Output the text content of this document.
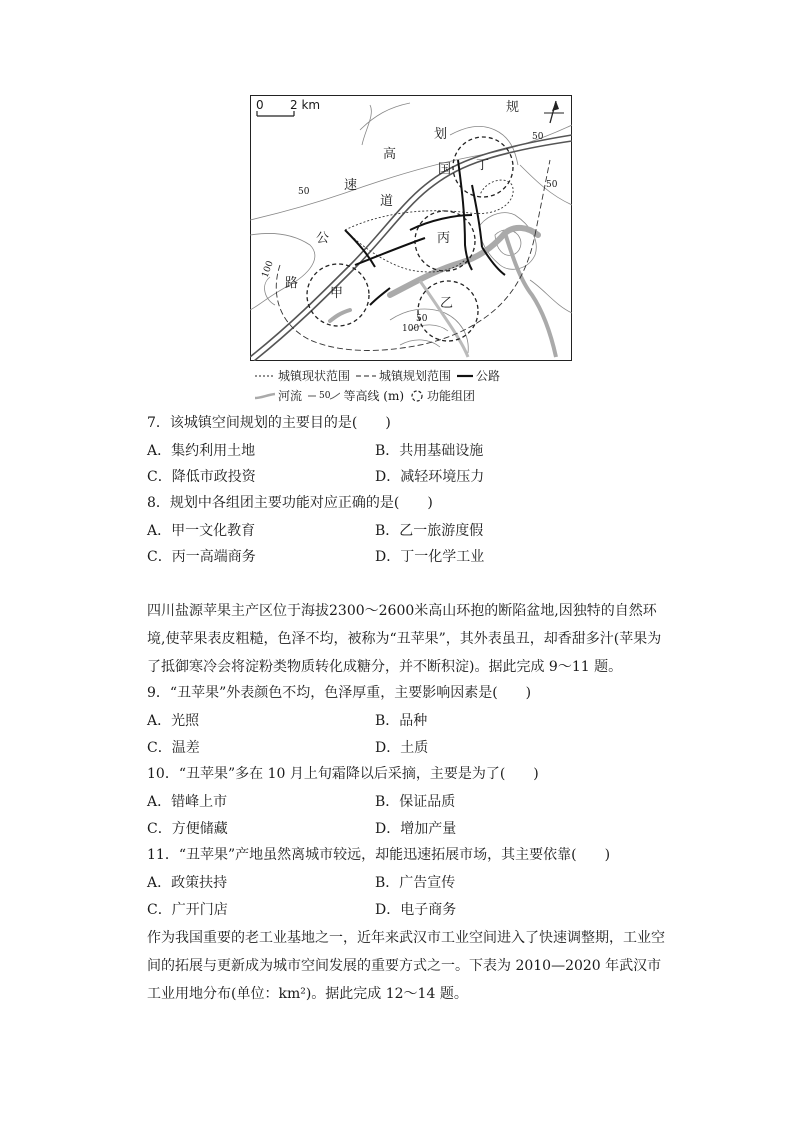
规
划
国
高
速
道
公
路
甲
乙
丙
丁
50
50
50
50
100
100
0 2 km
城镇现状范围 城镇规划范围 公路
河流 50 等高线 (m) 功能组团
7．该城镇空间规划的主要目的是(　　)
A．集约利用土地	B．共用基础设施
C．降低市政投资	D．减轻环境压力
8．规划中各组团主要功能对应正确的是(　　)
A．甲一文化教育	B．乙一旅游度假
C．丙一高端商务	D．丁一化学工业
四川盐源苹果主产区位于海拔2300～2600米高山环抱的断陷盆地,因独特的自然环境,使苹果表皮粗糙，色泽不均，被称为“丑苹果”，其外表虽丑，却香甜多汁(苹果为了抵御寒冷会将淀粉类物质转化成糖分，并不断积淀)。据此完成 9～11 题。
9．“丑苹果”外表颜色不均，色泽厚重，主要影响因素是(　　)
A．光照	B．品种
C．温差	D．土质
10．“丑苹果”多在 10 月上旬霜降以后采摘，主要是为了(　　)
A．错峰上市	B．保证品质
C．方便储藏	D．增加产量
11．“丑苹果”产地虽然离城市较远，却能迅速拓展市场，其主要依靠(　　)
A．政策扶持	B．广告宣传
C．广开门店	D．电子商务
作为我国重要的老工业基地之一，近年来武汉市工业空间进入了快速调整期，工业空间的拓展与更新成为城市空间发展的重要方式之一。下表为 2010—2020 年武汉市工业用地分布(单位：km²)。据此完成 12～14 题。
